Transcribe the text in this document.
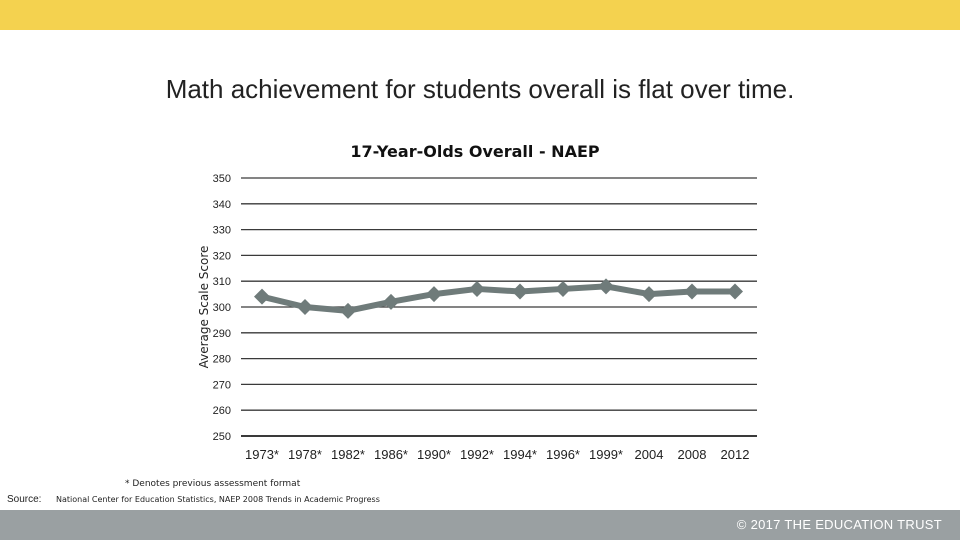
Math achievement for students overall is flat over time.
17-Year-Olds Overall - NAEP
350
340
330
320
310
300
290
280
270
260
250
Average Scale Score
1973* 1978* 1982* 1986* 1990* 1992* 1994* 1996* 1999* 2004 2008 2012
* Denotes previous assessment format
Source: National Center for Education Statistics, NAEP 2008 Trends in Academic Progress
© 2017 THE EDUCATION TRUST
